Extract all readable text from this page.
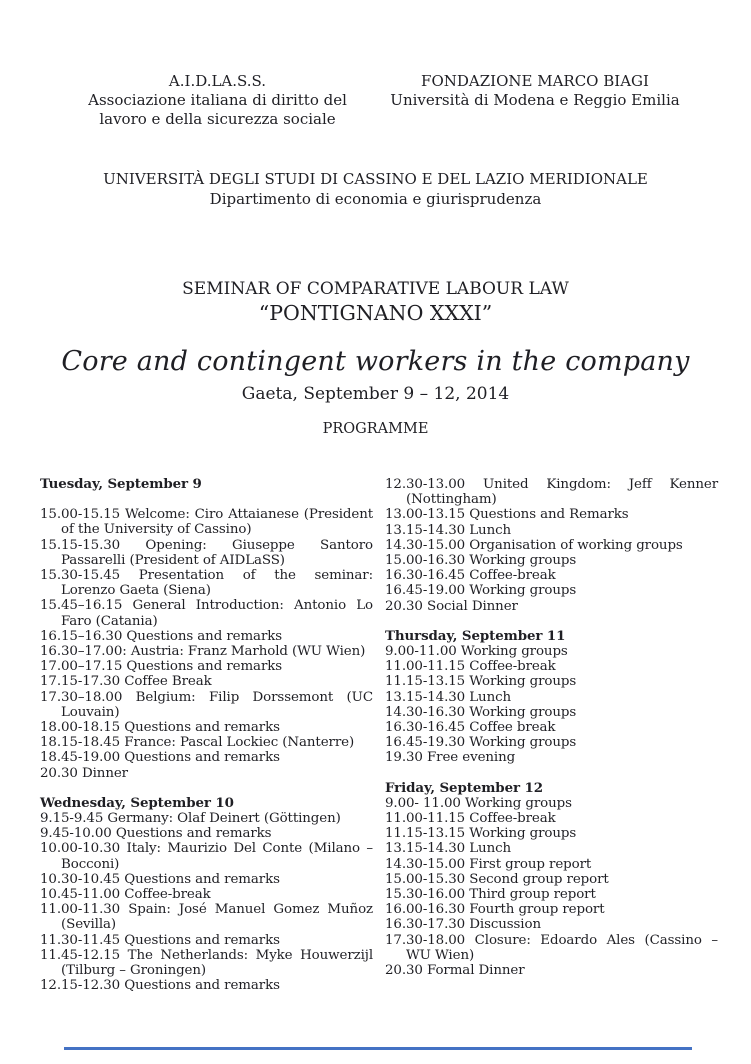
A.I.D.LA.S.S.
Associazione italiana di diritto del
lavoro e della sicurezza sociale
FONDAZIONE MARCO BIAGI
Università di Modena e Reggio Emilia
UNIVERSITÀ DEGLI STUDI DI CASSINO E DEL LAZIO MERIDIONALE
Dipartimento di economia e giurisprudenza
SEMINAR OF COMPARATIVE LABOUR LAW
“PONTIGNANO XXXI”
Core and contingent workers in the company
Gaeta, September 9 – 12, 2014
PROGRAMME
Tuesday, September 9
15.00-15.15 Welcome: Ciro Attaianese (President of the University of Cassino)
15.15-15.30 Opening: Giuseppe Santoro Passarelli (President of AIDLaSS)
15.30-15.45 Presentation of the seminar: Lorenzo Gaeta (Siena)
15.45–16.15 General Introduction: Antonio Lo Faro (Catania)
16.15–16.30 Questions and remarks
16.30–17.00: Austria: Franz Marhold (WU Wien)
17.00–17.15 Questions and remarks
17.15-17.30 Coffee Break
17.30–18.00 Belgium: Filip Dorssemont (UC Louvain)
18.00-18.15 Questions and remarks
18.15-18.45 France: Pascal Lockiec (Nanterre)
18.45-19.00 Questions and remarks
20.30 Dinner
Wednesday, September 10
9.15-9.45 Germany: Olaf Deinert (Göttingen)
9.45-10.00 Questions and remarks
10.00-10.30 Italy: Maurizio Del Conte (Milano – Bocconi)
10.30-10.45 Questions and remarks
10.45-11.00 Coffee-break
11.00-11.30 Spain: José Manuel Gomez Muñoz (Sevilla)
11.30-11.45 Questions and remarks
11.45-12.15 The Netherlands: Myke Houwerzijl (Tilburg – Groningen)
12.15-12.30 Questions and remarks
12.30-13.00 United Kingdom: Jeff Kenner (Nottingham)
13.00-13.15 Questions and Remarks
13.15-14.30 Lunch
14.30-15.00 Organisation of working groups
15.00-16.30 Working groups
16.30-16.45 Coffee-break
16.45-19.00 Working groups
20.30 Social Dinner
Thursday, September 11
9.00-11.00 Working groups
11.00-11.15 Coffee-break
11.15-13.15 Working groups
13.15-14.30 Lunch
14.30-16.30 Working groups
16.30-16.45 Coffee break
16.45-19.30 Working groups
19.30 Free evening
Friday, September 12
9.00- 11.00 Working groups
11.00-11.15 Coffee-break
11.15-13.15 Working groups
13.15-14.30 Lunch
14.30-15.00 First group report
15.00-15.30 Second group report
15.30-16.00 Third group report
16.00-16.30 Fourth group report
16.30-17.30 Discussion
17.30-18.00 Closure: Edoardo Ales (Cassino – WU Wien)
20.30 Formal Dinner
